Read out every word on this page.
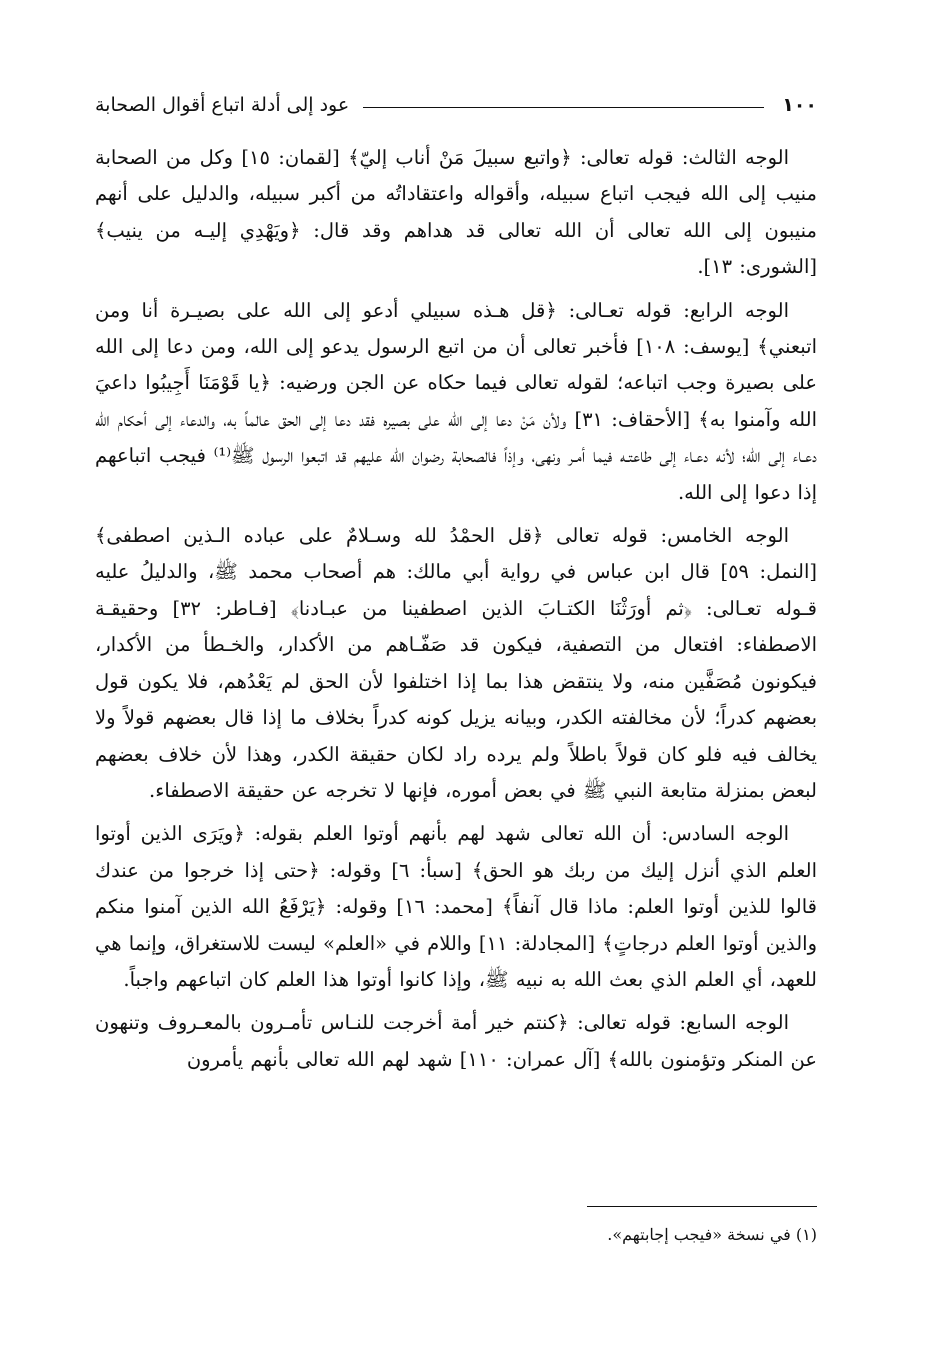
١٠٠
عود إلى أدلة اتباع أقوال الصحابة

الوجه الثالث: قوله تعالى: ﴿واتبع سبيلَ مَنْ أناب إليّ﴾ [لقمان: ١٥] وكل من الصحابة منيب إلى الله فيجب اتباع سبيله، وأقواله واعتقاداتُه من أكبر سبيله، والدليل على أنهم منيبون إلى الله تعالى أن الله تعالى قد هداهم وقد قال: ﴿ويَهْدِي إليـه من ينيب﴾ [الشورى: ١٣].

الوجه الرابع: قوله تعـالى: ﴿قل هـذه سبيلي أدعو إلى الله على بصيـرة أنا ومن اتبعني﴾ [يوسف: ١٠٨] فأخبر تعالى أن من اتبع الرسول يدعو إلى الله، ومن دعا إلى الله على بصيرة وجب اتباعه؛ لقوله تعالى فيما حكاه عن الجن ورضيه: ﴿يا قَوْمَنَا أَجِيبُوا داعيَ الله وآمنوا به﴾ [الأحقاف: ٣١] ولأن مَنْ دعا إلى الله على بصيره فقد دعا إلى الحق عالماً به، والدعاء إلى أحكام الله دعـاء إلى الله؛ لأنه دعـاء إلى طاعتـه فيما أمـر ونهى، وإذاً فالصحابة رضوان الله عليهم قد اتبعوا الرسول ﷺ⁽¹⁾ فيجب اتباعهم إذا دعوا إلى الله.

الوجه الخامس: قوله تعالى ﴿قل الحمْدُ لله وسـلامٌ على عباده الـذين اصطفى﴾ [النمل: ٥٩] قال ابن عباس في رواية أبي مالك: هم أصحاب محمد ﷺ، والدليلُ عليه قـوله تعـالى: ﴿ثم أورَثْنَا الكتـابَ الذين اصطفينا من عبـادنا﴾ [فـاطر: ٣٢] وحقيقـة الاصطفاء: افتعال من التصفية، فيكون قد صَفّـاهم من الأكدار، والخـطأ من الأكدار، فيكونون مُصَفَّين منه، ولا ينتقض هذا بما إذا اختلفوا لأن الحق لم يَعْدُهم، فلا يكون قول بعضهم كدراً؛ لأن مخالفته الكدر، وبيانه يزيل كونه كدراً بخلاف ما إذا قال بعضهم قولاً ولا يخالف فيه فلو كان قولاً باطلاً ولم يرده راد لكان حقيقة الكدر، وهذا لأن خلاف بعضهم لبعض بمنزلة متابعة النبي ﷺ في بعض أموره، فإنها لا تخرجه عن حقيقة الاصطفاء.

الوجه السادس: أن الله تعالى شهد لهم بأنهم أوتوا العلم بقوله: ﴿ويَرَى الذين أوتوا العلم الذي أنزل إليك من ربك هو الحق﴾ [سبأ: ٦] وقوله: ﴿حتى إذا خرجوا من عندك قالوا للذين أوتوا العلم: ماذا قال آنفاً﴾ [محمد: ١٦] وقوله: ﴿يَرْفَعُ الله الذين آمنوا منكم والذين أوتوا العلم درجاتٍ﴾ [المجادلة: ١١] واللام في «العلم» ليست للاستغراق، وإنما هي للعهد، أي العلم الذي بعث الله به نبيه ﷺ، وإذا كانوا أوتوا هذا العلم كان اتباعهم واجباً.

الوجه السابع: قوله تعالى: ﴿كنتم خير أمة أخرجت للنـاس تأمـرون بالمعـروف وتنهون عن المنكر وتؤمنون بالله﴾ [آل عمران: ١١٠] شهد لهم الله تعالى بأنهم يأمرون

(١) في نسخة «فيجب إجابتهم».
